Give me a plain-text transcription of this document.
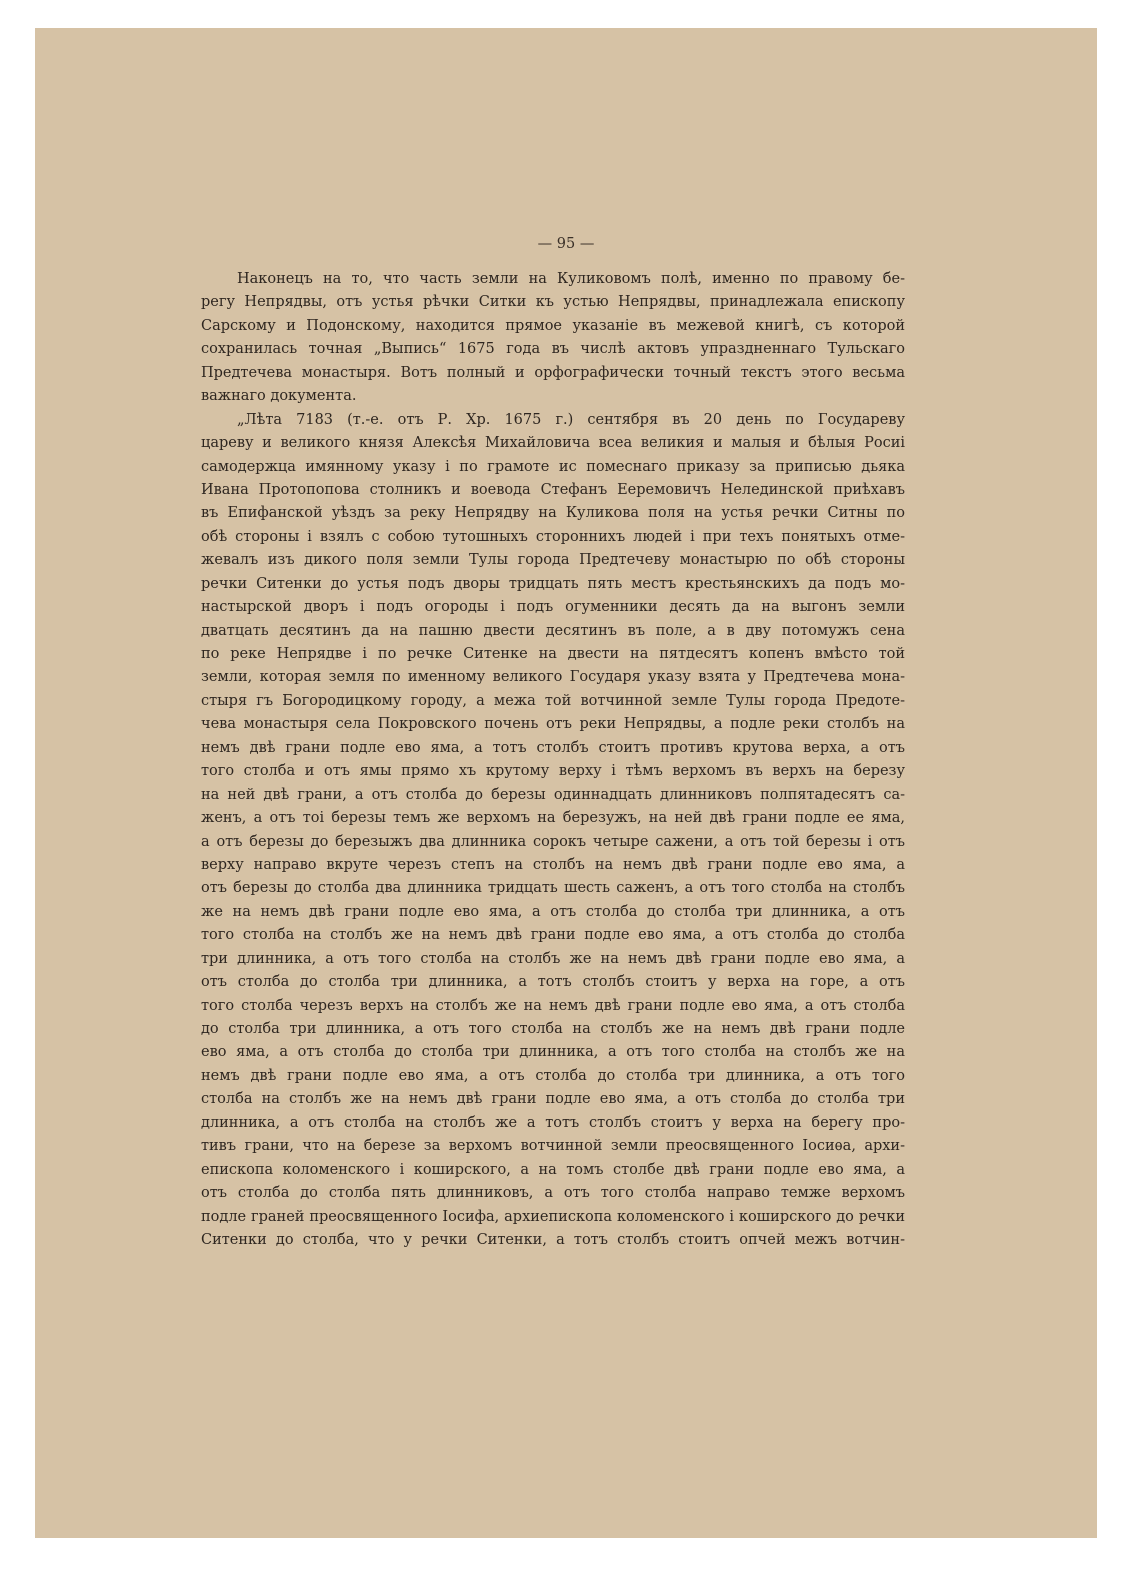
— 95 —
Наконецъ на то, что часть земли на Куликовомъ полѣ, именно по правому бе-
регу Непрядвы, отъ устья рѣчки Ситки къ устью Непрядвы, принадлежала епископу
Сарскому и Подонскому, находится прямое указанiе въ межевой книгѣ, съ которой
сохранилась точная „Выпись“ 1675 года въ числѣ актовъ упраздненнаго Тульскаго
Предтечева монастыря. Вотъ полный и орфографически точный текстъ этого весьма
важнаго документа.
„Лѣта 7183 (т.-е. отъ Р. Хр. 1675 г.) сентября въ 20 день по Государеву
цареву и великого князя Алексѣя Михайловича всеа великия и малыя и бѣлыя Росиi
самодержца имянному указу i по грамоте ис помеснаго приказу за приписью дьяка
Ивана Протопопова столникъ и воевода Стефанъ Ееремовичъ Нелединской приѣхавъ
въ Епифанской уѣздъ за реку Непрядву на Куликова поля на устья речки Ситны по
обѣ стороны i взялъ с собою тутошныхъ стороннихъ людей i при техъ понятыхъ отме-
жевалъ изъ дикого поля земли Тулы города Предтечеву монастырю по обѣ стороны
речки Ситенки до устья подъ дворы тридцать пять местъ крестьянскихъ да подъ мо-
настырской дворъ i подъ огороды i подъ огуменники десять да на выгонъ земли
дватцать десятинъ да на пашню двести десятинъ въ поле, а в дву потомужъ сена
по реке Непрядве i по речке Ситенке на двести на пятдесятъ копенъ вмѣсто той
земли, которая земля по именному великого Государя указу взята у Предтечева мона-
стыря гъ Богородицкому городу, а межа той вотчинной земле Тулы города Предоте-
чева монастыря села Покровского почень отъ реки Непрядвы, а подле реки столбъ на
немъ двѣ грани подле ево яма, а тотъ столбъ стоитъ противъ крутова верха, а отъ
того столба и отъ ямы прямо хъ крутому верху i тѣмъ верхомъ въ верхъ на березу
на ней двѣ грани, а отъ столба до березы одиннадцать длинниковъ полпятадесятъ са-
женъ, а отъ тоi березы темъ же верхомъ на березужъ, на ней двѣ грани подле ее яма,
а отъ березы до березыжъ два длинника сорокъ четыре сажени, а отъ той березы i отъ
верху направо вкруте черезъ степъ на столбъ на немъ двѣ грани подле ево яма, а
отъ березы до столба два длинника тридцать шесть саженъ, а отъ того столба на столбъ
же на немъ двѣ грани подле ево яма, а отъ столба до столба три длинника, а отъ
того столба на столбъ же на немъ двѣ грани подле ево яма, а отъ столба до столба
три длинника, а отъ того столба на столбъ же на немъ двѣ грани подле ево яма, а
отъ столба до столба три длинника, а тотъ столбъ стоитъ у верха на горе, а отъ
того столба черезъ верхъ на столбъ же на немъ двѣ грани подле ево яма, а отъ столба
до столба три длинника, а отъ того столба на столбъ же на немъ двѣ грани подле
ево яма, а отъ столба до столба три длинника, а отъ того столба на столбъ же на
немъ двѣ грани подле ево яма, а отъ столба до столба три длинника, а отъ того
столба на столбъ же на немъ двѣ грани подле ево яма, а отъ столба до столба три
длинника, а отъ столба на столбъ же а тотъ столбъ стоитъ у верха на берегу про-
тивъ грани, что на березе за верхомъ вотчинной земли преосвященного Iосиѳа, архи-
епископа коломенского i коширского, а на томъ столбе двѣ грани подле ево яма, а
отъ столба до столба пять длинниковъ, а отъ того столба направо темже верхомъ
подле граней преосвященного Iосифа, архиепископа коломенского i коширского до речки
Ситенки до столба, что у речки Ситенки, а тотъ столбъ стоитъ опчей межъ вотчин-
